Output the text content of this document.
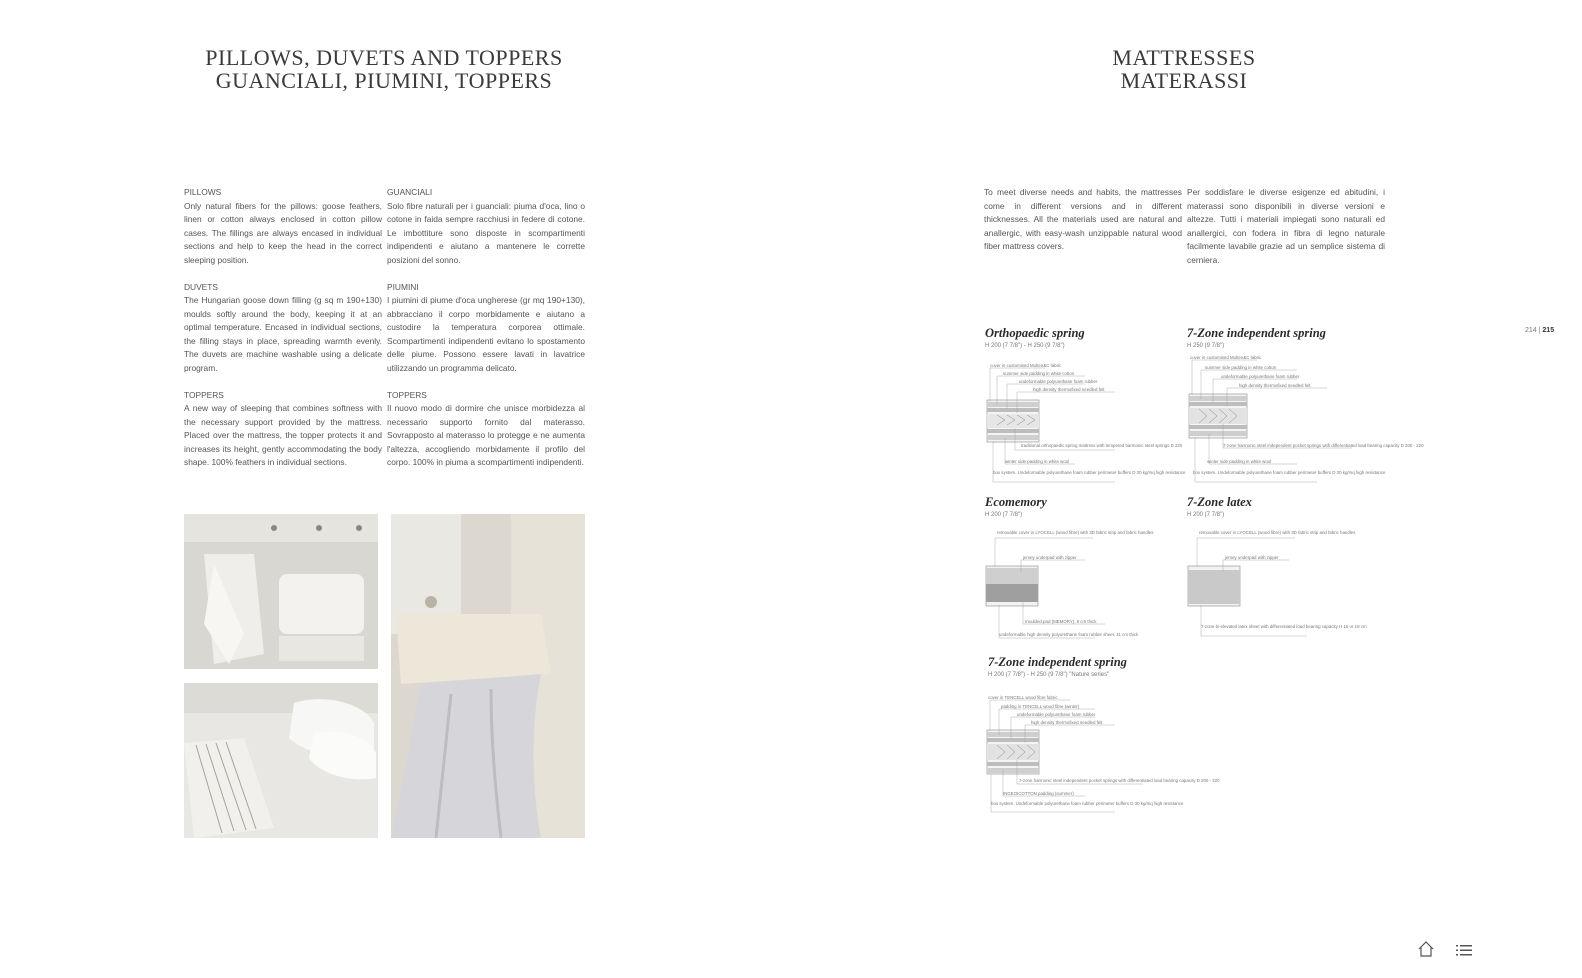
PILLOWS, DUVETS AND TOPPERS
GUANCIALI, PIUMINI, TOPPERS

PILLOWS
Only natural fibers for the pillows: goose feathers, linen or cotton always enclosed in cotton pillow cases. The fillings are always encased in individual sections and help to keep the head in the correct sleeping position.

DUVETS
The Hungarian goose down filling (g sq m 190+130) moulds softly around the body, keeping it at an optimal temperature. Encased in individual sections, the filling stays in place, spreading warmth evenly. The duvets are machine washable using a delicate program.

TOPPERS
A new way of sleeping that combines softness with the necessary support provided by the mattress. Placed over the mattress, the topper protects it and increases its height, gently accommodating the body shape. 100% feathers in individual sections.

GUANCIALI
Solo fibre naturali per i guanciali: piuma d'oca, lino o cotone in faida sempre racchiusi in federe di cotone. Le imbottiture sono disposte in scompartimenti indipendenti e aiutano a mantenere le corrette posizioni del sonno.

PIUMINI
I piumini di piume d'oca ungherese (gr mq 190+130), abbracciano il corpo morbidamente e aiutano a custodire la temperatura corporea ottimale. Scompartimenti indipendenti evitano lo spostamento delle piume. Possono essere lavati in lavatrice utilizzando un programma delicato.

TOPPERS
Il nuovo modo di dormire che unisce morbidezza al necessario supporto fornito dal materasso. Sovrapposto al materasso lo protegge e ne aumenta l'altezza, accogliendo morbidamente il profilo del corpo. 100% in piuma a scompartimenti indipendenti.

MATTRESSES
MATERASSI

To meet diverse needs and habits, the mattresses come in different versions and in different thicknesses. All the materials used are natural and anallergic, with easy-wash unzippable natural wood fiber mattress covers.

Per soddisfare le diverse esigenze ed abitudini, i materassi sono disponibili in diverse versioni e altezze. Tutti i materiali impiegati sono naturali ed anallergici, con fodera in fibra di legno naturale facilmente lavabile grazie ad un semplice sistema di cerniera.

Orthopaedic spring
H 200 (7 7/8") - H 250 (9 7/8")
cover in customised Molten&C fabric
summer side padding in white cotton
undeformable polyurethane foam rubber
high density thermofixed needled felt
traditional orthopaedic spring mattress with tempered harmonic steel springs D 220
winter side padding in white wool
box system. Undeformable polyurethane foam rubber perimeter buffers D 30 kg/mq high resistance
7-Zone independent spring
H 250 (9 7/8")
cover in customised Molten&C fabric
summer side padding in white cotton
undeformable polyurethane foam rubber
high density thermofixed needled felt
7-zone harmonic steel independent pocket springs with differentiated load bearing capacity D 200 - 220
winter side padding in white wool
box system. Undeformable polyurethane foam rubber perimeter buffers D 30 kg/mq high resistance
Ecomemory
H 200 (7 7/8")
removable cover in LYOCELL (wood fibre) with 3D fabric strip and fabric handles
jersey underpad with zipper
moulded pad (MEMORY), 8 cm thick
undeformable high density polyurethane foam rubber sheet, 11 cm thick
7-Zone latex
H 200 (7 7/8")
removable cover in LYOCELL (wood fibre) with 3D fabric strip and fabric handles
jersey underpad with zipper
7-zone bi-elevated latex sheet with differentiated load bearing capacity H 16 or 18 cm
7-Zone independent spring
H 200 (7 7/8") - H 250 (9 7/8") "Nature series"
cover in TENCELL wood fibre fabric
padding in TENCELL wood fibre (winter)
undeformable polyurethane foam rubber
high density thermofixed needled felt
7-zone harmonic steel independent pocket springs with differentiated load bearing capacity D 200 - 220
INGEOICOTTON padding (summer)
box system. Undeformable polyurethane foam rubber perimeter buffers D 30 kg/mq high resistance
214 | 215
